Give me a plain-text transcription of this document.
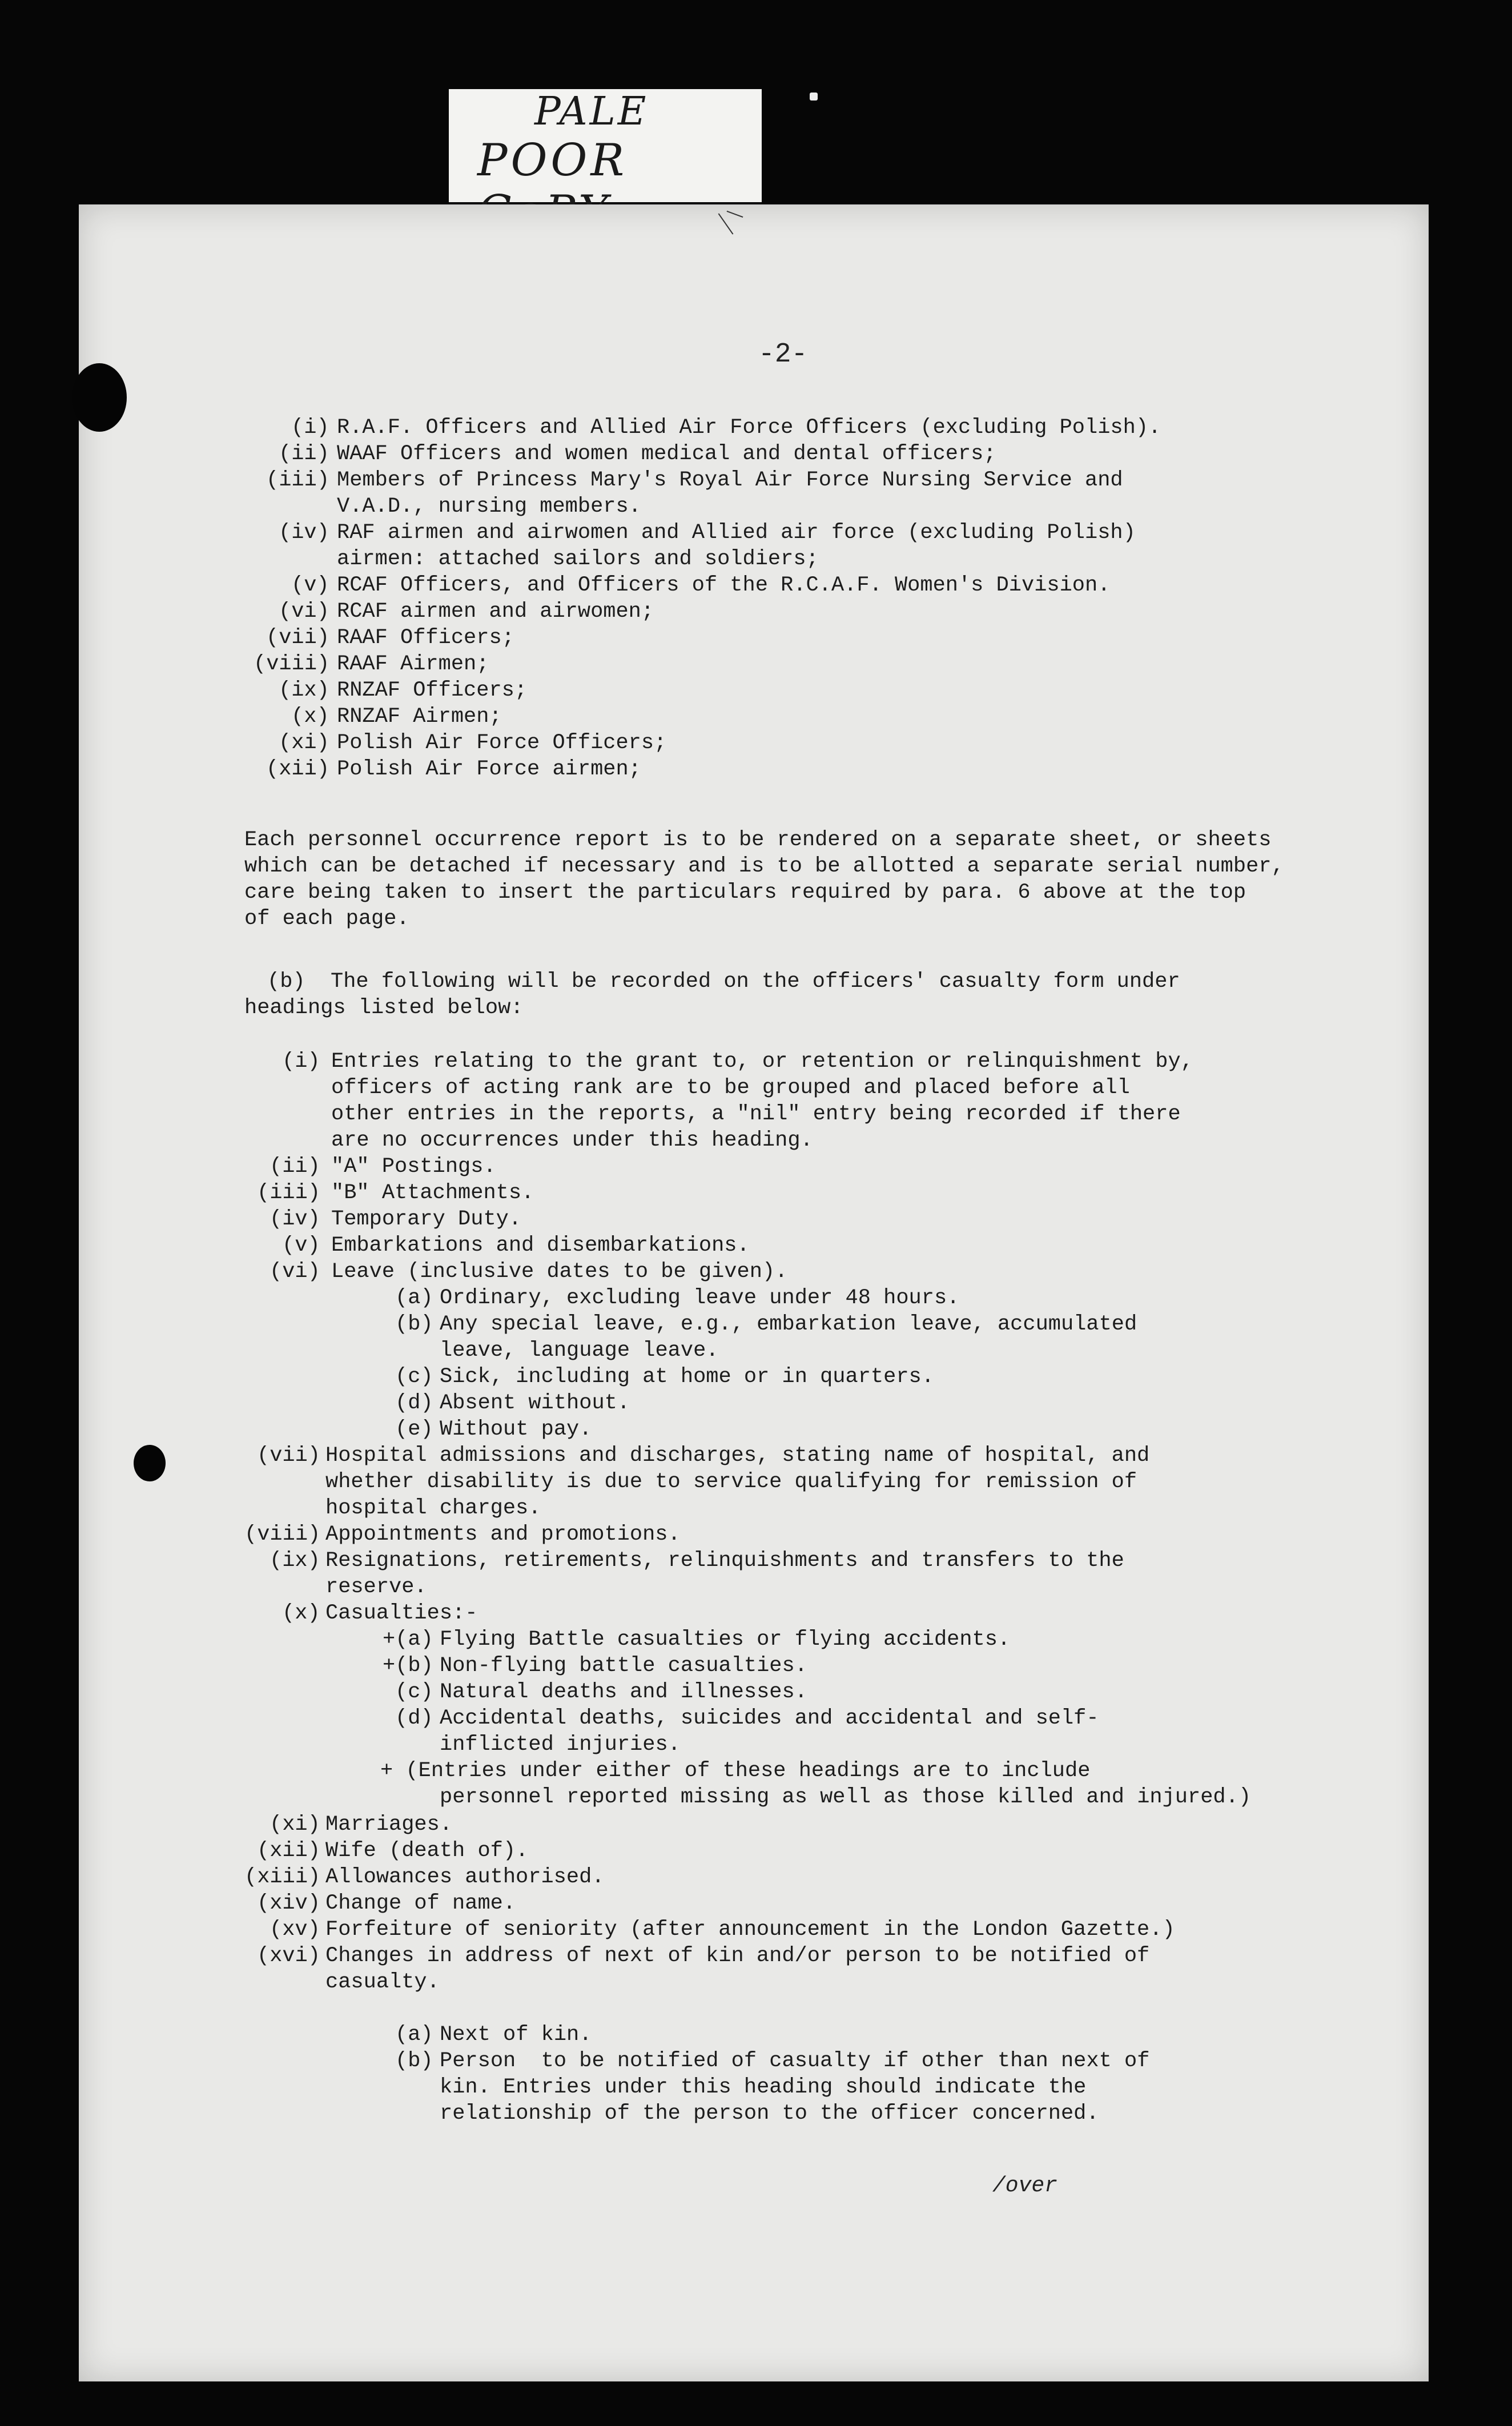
PALE
POOR
-2-
(i) R.A.F. Officers and Allied Air Force Officers (excluding Polish).
(ii) WAAF Officers and women medical and dental officers;
(iii) Members of Princess Mary's Royal Air Force Nursing Service and
V.A.D., nursing members.
(iv) RAF airmen and airwomen and Allied air force (excluding Polish)
airmen: attached sailors and soldiers;
(v) RCAF Officers, and Officers of the R.C.A.F. Women's Division.
(vi) RCAF airmen and airwomen;
(vii) RAAF Officers;
(viii) RAAF Airmen;
(ix) RNZAF Officers;
(x) RNZAF Airmen;
(xi) Polish Air Force Officers;
(xii) Polish Air Force airmen;
Each personnel occurrence report is to be rendered on a separate sheet, or sheets
which can be detached if necessary and is to be allotted a separate serial number,
care being taken to insert the particulars required by para. 6 above at the top
of each page.
(b)  The following will be recorded on the officers' casualty form under
headings listed below:
(i) Entries relating to the grant to, or retention or relinquishment by,
officers of acting rank are to be grouped and placed before all
other entries in the reports, a "nil" entry being recorded if there
are no occurrences under this heading.
(ii) "A" Postings.
(iii) "B" Attachments.
(iv) Temporary Duty.
(v) Embarkations and disembarkations.
(vi) Leave (inclusive dates to be given).
(a) Ordinary, excluding leave under 48 hours.
(b) Any special leave, e.g., embarkation leave, accumulated
leave, language leave.
(c) Sick, including at home or in quarters.
(d) Absent without.
(e) Without pay.
(vii) Hospital admissions and discharges, stating name of hospital, and
whether disability is due to service qualifying for remission of
hospital charges.
(viii) Appointments and promotions.
(ix) Resignations, retirements, relinquishments and transfers to the
reserve.
(x) Casualties:-
+(a) Flying Battle casualties or flying accidents.
+(b) Non-flying battle casualties.
(c) Natural deaths and illnesses.
(d) Accidental deaths, suicides and accidental and self-
inflicted injuries.
+ (Entries under either of these headings are to include
personnel reported missing as well as those killed and injured.)
(xi) Marriages.
(xii) Wife (death of).
(xiii) Allowances authorised.
(xiv) Change of name.
(xv) Forfeiture of seniority (after announcement in the London Gazette.)
(xvi) Changes in address of next of kin and/or person to be notified of
casualty.
(a) Next of kin.
(b) Person  to be notified of casualty if other than next of
kin. Entries under this heading should indicate the
relationship of the person to the officer concerned.
/over
